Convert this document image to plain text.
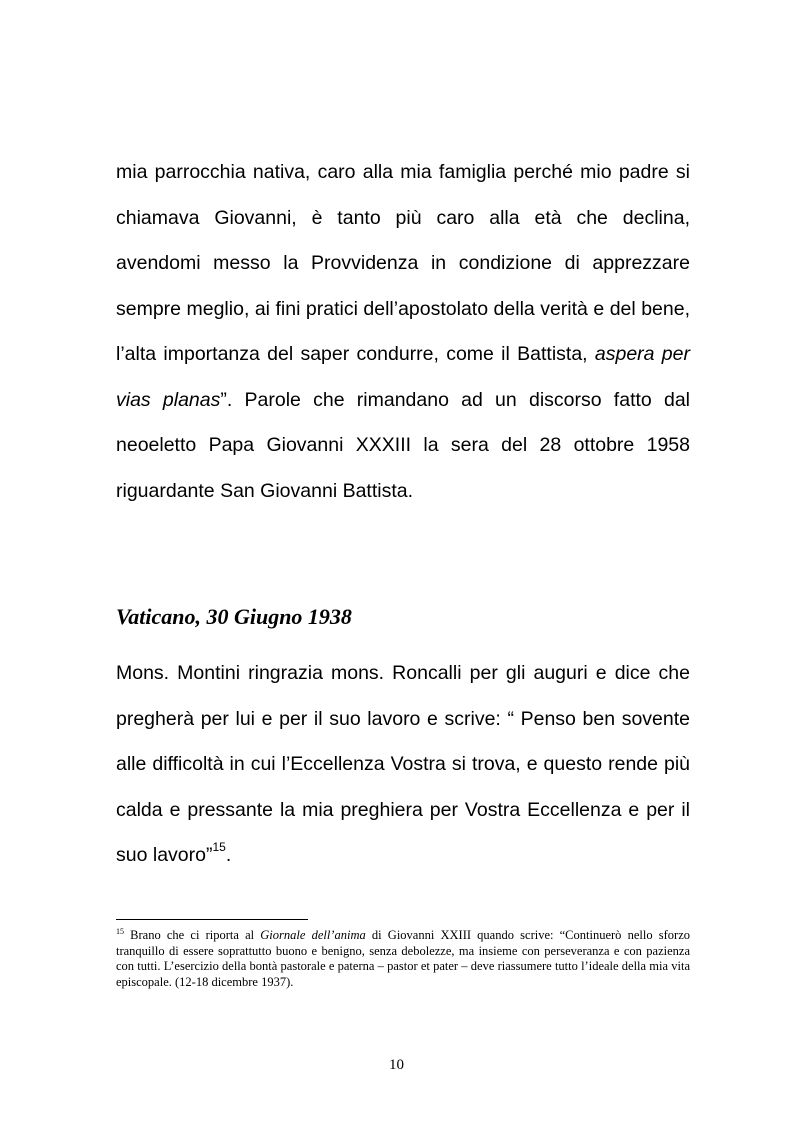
mia parrocchia nativa, caro alla mia famiglia perché mio padre si chiamava Giovanni, è tanto più caro alla età che declina, avendomi messo la Provvidenza in condizione di apprezzare sempre meglio, ai fini pratici dell’apostolato della verità e del bene, l’alta importanza del saper condurre, come il Battista, aspera per vias planas”. Parole che rimandano ad un discorso fatto dal neoeletto Papa Giovanni XXXIII la sera del 28 ottobre 1958 riguardante San Giovanni Battista.

Vaticano, 30 Giugno 1938

Mons. Montini ringrazia mons. Roncalli per gli auguri e dice che pregherà per lui e per il suo lavoro e scrive: “ Penso ben sovente alle difficoltà in cui l’Eccellenza Vostra si trova, e questo rende più calda e pressante la mia preghiera per Vostra Eccellenza e per il suo lavoro”$^{15}$.

$^{15}$ Brano che ci riporta al Giornale dell’anima di Giovanni XXIII quando scrive: “Continuerò nello sforzo tranquillo di essere soprattutto buono e benigno, senza debolezze, ma insieme con perseveranza e con pazienza con tutti. L’esercizio della bontà pastorale e paterna – pastor et pater – deve riassumere tutto l’ideale della mia vita episcopale. (12-18 dicembre 1937).

10
